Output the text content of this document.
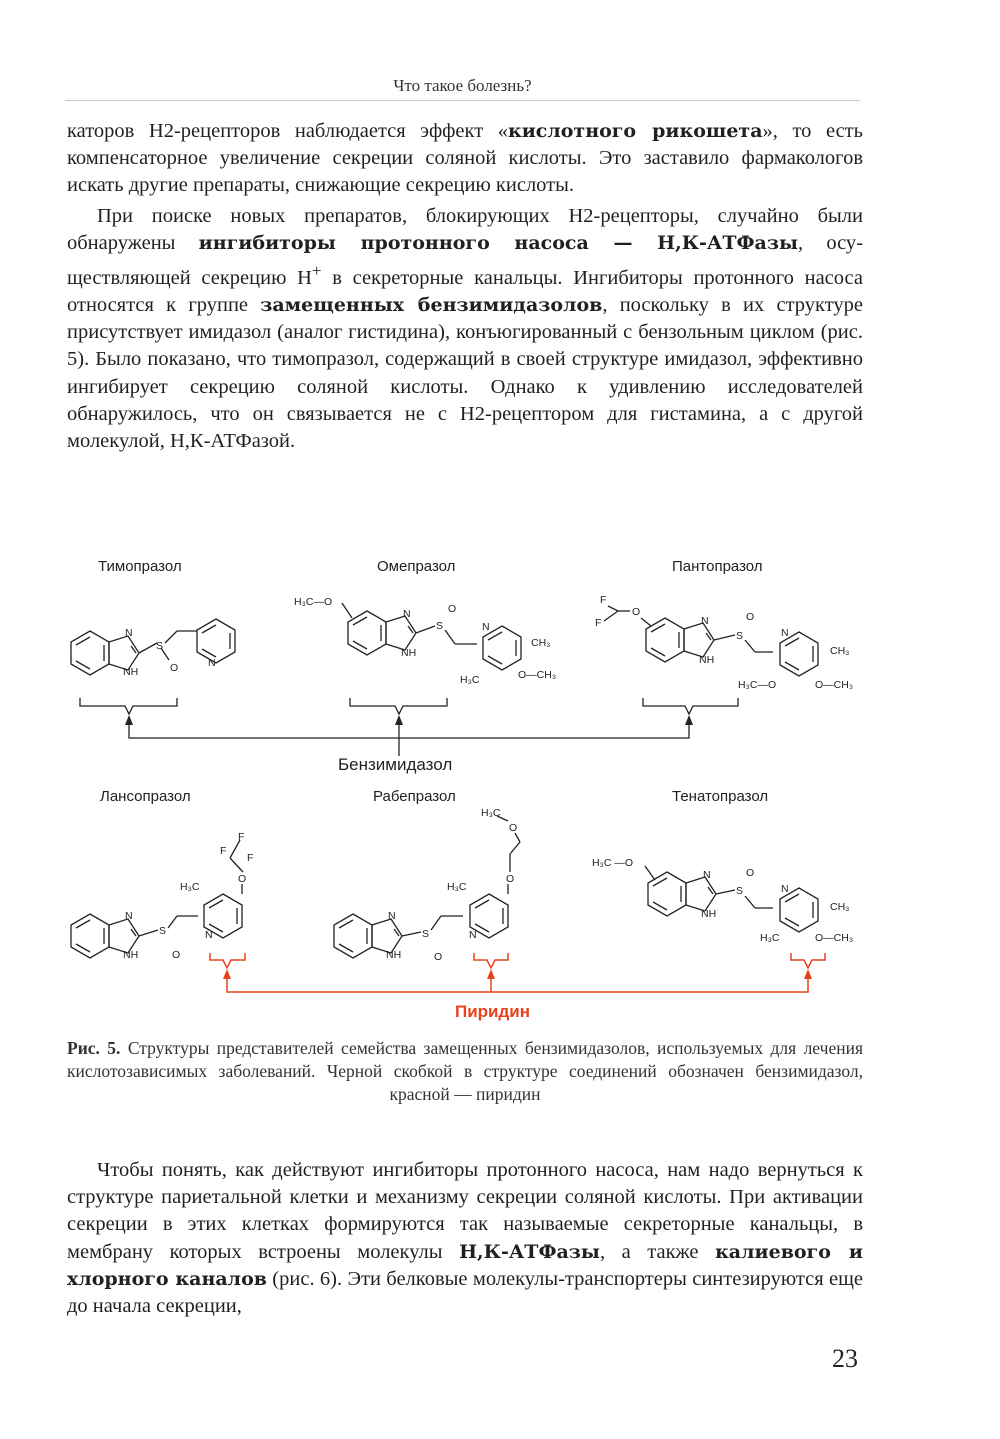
Что такое болезнь?

каторов Н2-рецепторов наблюдается эффект «кислотного рикошета», то есть компенсаторное увеличение секреции соляной кислоты. Это заставило фармакологов искать другие препараты, снижающие секрецию кислоты.

При поиске новых препаратов, блокирующих Н2-рецепторы, случайно были обнаружены ингибиторы протонного насоса — Н,К-АТФазы, осуществляющей секрецию Н+ в секреторные канальцы. Ингибиторы протонного насоса относятся к группе замещенных бензимидазолов, поскольку в их структуре присутствует имидазол (аналог гистидина), конъюгированный с бензольным циклом (рис. 5). Было показано, что тимопразол, содержащий в своей структуре имидазол, эффективно ингибирует секрецию соляной кислоты. Однако к удивлению исследователей обнаружилось, что он связывается не с Н2-рецептором для гистамина, а с другой молекулой, Н,К-АТФазой.

Тимопразол	Омепразол	Пантопразол
N
NH
S
O	N
H₃C—O
N
NH
S
O
N
CH₃
H₃C	O—CH₃
F
F
O
N
NH
S
O
N
CH₃
H₃C—O	O—CH₃
Бензимидазол
Лансопразол	Рабепразол	Тенатопразол
N
NH
S
O
N
H₃C
O
F
F
F
N
NH
S
O
N
H₃C
O
O
H₃C
H₃C —O
N
NH
S
O
N
CH₃
H₃C	O—CH₃
Пиридин
Рис. 5. Структуры представителей семейства замещенных бензимидазолов, используемых для лечения кислотозависимых заболеваний. Черной скобкой в структуре соединений обозначен бензимидазол, красной — пиридин

Чтобы понять, как действуют ингибиторы протонного насоса, нам надо вернуться к структуре париетальной клетки и механизму секреции соляной кислоты. При активации секреции в этих клетках формируются так называемые секреторные канальцы, в мембрану которых встроены молекулы Н,К-АТФазы, а также калиевого и хлорного каналов (рис. 6). Эти белковые молекулы-транспортеры синтезируются еще до начала секреции,

23
